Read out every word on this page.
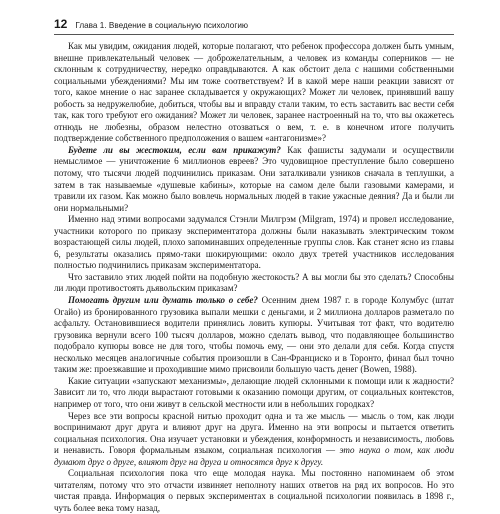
12 Глава 1. Введение в социальную психологию

Как мы увидим, ожидания людей, которые полагают, что ребенок профессора должен быть умным, внешне привлекательный человек — доброжелательным, а человек из команды соперников — не склонным к сотрудничеству, нередко оправдываются. А как обстоит дела с нашими собственными социальными убеждениями? Мы им тоже соответствуем? И в какой мере наши реакции зависят от того, какое мнение о нас заранее складывается у окружающих? Может ли человек, принявший вашу робость за недружелюбие, добиться, чтобы вы и вправду стали таким, то есть заставить вас вести себя так, как того требуют его ожидания? Может ли человек, заранее настроенный на то, что вы окажетесь отнюдь не любезны, образом нелестно отозваться о вем, т. е. в конечном итоге получить подтверждение собственного предположения о вашем «антагонизме»?

Будете ли вы жестоким, если вам прикажут? Как фашисты задумали и осуществили немыслимое — уничтожение 6 миллионов евреев? Это чудовищное преступление было совершено потому, что тысячи людей подчинились приказам. Они заталкивали узников сначала в теплушки, а затем в так называемые «душевые кабины», которые на самом деле были газовыми камерами, и травили их газом. Как можно было вовлечь нормальных людей в такие ужасные деяния? Да и были ли они нормальными?

Именно над этими вопросами задумался Стэнли Милгрэм (Milgram, 1974) и провел исследование, участники которого по приказу экспериментатора должны были наказывать электрическим током возрастающей силы людей, плохо запоминавших определенные группы слов. Как станет ясно из главы 6, результаты оказались прямо-таки шокирующими: около двух третей участников исследования полностью подчинились приказам экспериментатора.

Что заставило этих людей пойти на подобную жестокость? А вы могли бы это сделать? Способны ли люди противостоять дьявольским приказам?

Помогать другим или думать только о себе? Осенним днем 1987 г. в городе Колумбус (штат Огайо) из бронированного грузовика выпали мешки с деньгами, и 2 миллиона долларов разметало по асфальту. Остановившиеся водители принялись ловить купюры. Учитывая тот факт, что водителю грузовика вернули всего 100 тысяч долларов, можно сделать вывод, что подавляющее большинство подобрало купюры вовсе не для того, чтобы помочь ему, — они это делали для себя. Когда спустя несколько месяцев аналогичные события произошли в Сан-Франциско и в Торонто, финал был точно таким же: проезжавшие и проходившие мимо присвоили большую часть денег (Bowen, 1988).

Какие ситуации «запускают механизмы», делающие людей склонными к помощи или к жадности? Зависит ли то, что люди вырастают готовыми к оказанию помощи другим, от социальных контекстов, например от того, что они живут в сельской местности или в небольших городках?

Через все эти вопросы красной нитью проходит одна и та же мысль — мысль о том, как люди воспринимают друг друга и влияют друг на друга. Именно на эти вопросы и пытается ответить социальная психология. Она изучает установки и убеждения, конформность и независимость, любовь и ненависть. Говоря формальным языком, социальная психология — это наука о том, как люди думают друг о друге, влияют друг на друга и относятся друг к другу.

Социальная психология пока что еще молодая наука. Мы постоянно напоминаем об этом читателям, потому что это отчасти извиняет неполноту наших ответов на ряд их вопросов. Но это чистая правда. Информация о первых экспериментах в социальной психологии появилась в 1898 г., чуть более века тому назад,
